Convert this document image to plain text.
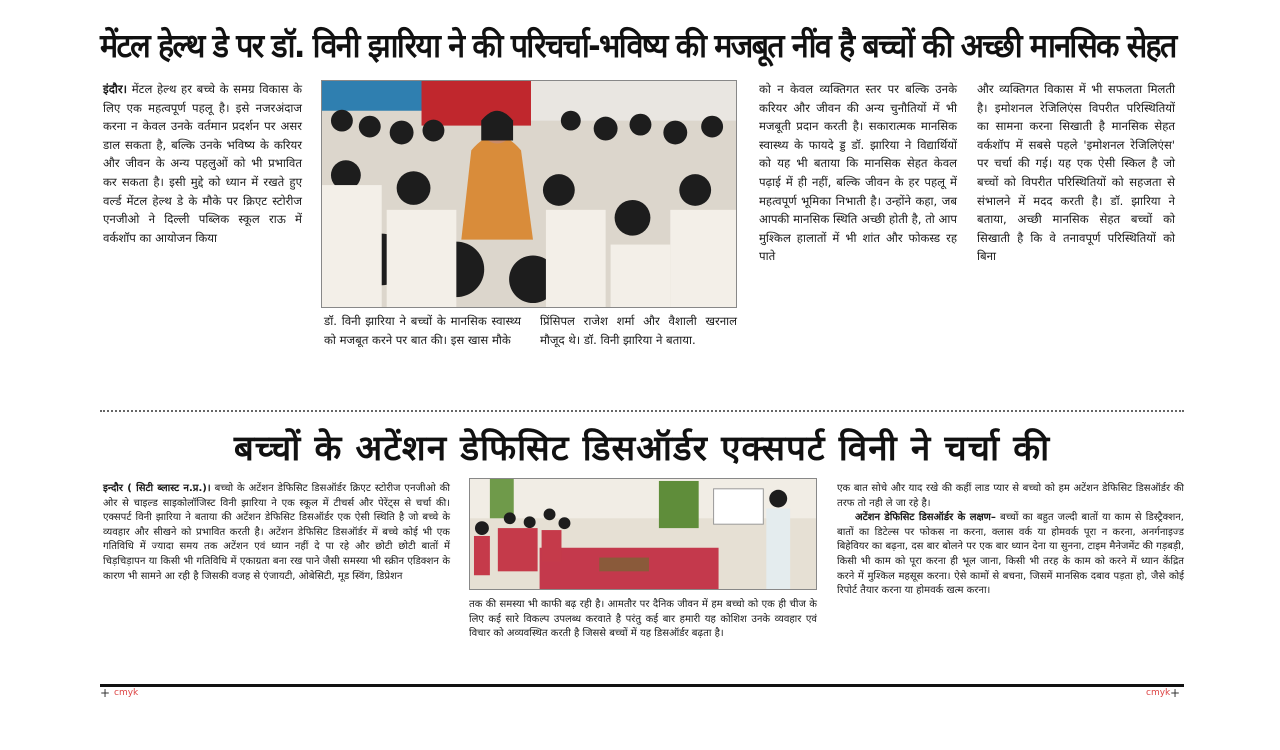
मेंटल हेल्थ डे पर डॉ. विनी झारिया ने की परिचर्चा-भविष्य की मजबूत नींव है बच्चों की अच्छी मानसिक सेहत
इंदौर। मेंटल हेल्थ हर बच्चे के समग्र विकास के लिए एक महत्वपूर्ण पहलू है। इसे नजरअंदाज करना न केवल उनके वर्तमान प्रदर्शन पर असर डाल सकता है, बल्कि उनके भविष्य के करियर और जीवन के अन्य पहलुओं को भी प्रभावित कर सकता है। इसी मुद्दे को ध्यान में रखते हुए वर्ल्ड मेंटल हेल्थ डे के मौके पर क्रिएट स्टोरीज एनजीओ ने दिल्ली पब्लिक स्कूल राऊ में वर्कशॉप का आयोजन किया
डॉ. विनी झारिया ने बच्चों के मानसिक स्वास्थ्य को मजबूत करने पर बात की। इस खास मौके
प्रिंसिपल राजेश शर्मा और वैशाली खरनाल मौजूद थे। डॉ. विनी झारिया ने बताया.
को न केवल व्यक्तिगत स्तर पर बल्कि उनके करियर और जीवन की अन्य चुनौतियों में भी मजबूती प्रदान करती है। सकारात्मक मानसिक स्वास्थ्य के फायदे ड्ड डॉ. झारिया ने विद्यार्थियों को यह भी बताया कि मानसिक सेहत केवल पढ़ाई में ही नहीं, बल्कि जीवन के हर पहलू में महत्वपूर्ण भूमिका निभाती है। उन्होंने कहा, जब आपकी मानसिक स्थिति अच्छी होती है, तो आप मुश्किल हालातों में भी शांत और फोकस्ड रह पाते
और व्यक्तिगत विकास में भी सफलता मिलती है। इमोशनल रेजिलिएंस विपरीत परिस्थितियों का सामना करना सिखाती है मानसिक सेहत वर्कशॉप में सबसे पहले 'इमोशनल रेजिलिएंस' पर चर्चा की गई। यह एक ऐसी स्किल है जो बच्चों को विपरीत परिस्थितियों को सहजता से संभालने में मदद करती है। डॉ. झारिया ने बताया, अच्छी मानसिक सेहत बच्चों को सिखाती है कि वे तनावपूर्ण परिस्थितियों को बिना
बच्चों के अटेंशन डेफिसिट डिसऑर्डर एक्सपर्ट विनी ने चर्चा की
इन्दौर ( सिटी ब्लास्ट न.प्र.)। बच्चो के अटेंशन डेफिसिट डिसऑर्डर क्रिएट स्टोरीज एनजीओ की ओर से चाइल्ड साइकोलॉजिस्ट विनी झारिया ने एक स्कूल में टीचर्स और पेरेंट्स से चर्चा की। एक्सपर्ट विनी झारिया ने बताया की अटेंशन डेफिसिट डिसऑर्डर एक ऐसी स्थिति है जो बच्चे के व्यवहार और सीखने को प्रभावित करती है। अटेंशन डेफिसिट डिसऑर्डर में बच्चे कोई भी एक गतिविधि में ज्यादा समय तक अटेंशन एवं ध्यान नहीं दे पा रहे और छोटी छोटी बातों में चिड़चिड़ापन या किसी भी गतिविधि में एकाग्रता बना रख पाने जैसी समस्या भी स्क्रीन एडिक्शन के कारण भी सामने आ रही है जिसकी वजह से एंजायटी, ओबेसिटी, मूड स्विंग, डिप्रेशन
तक की समस्या भी काफी बढ़ रही है। आमतौर पर दैनिक जीवन में हम बच्चो को एक ही चीज के लिए कई सारे विकल्प उपलब्ध करवाते है परंतु कई बार हमारी यह कोशिश उनके व्यवहार एवं विचार को अव्यवस्थित करती है जिससे बच्चों में यह डिसऑर्डर बढ़ता है।
एक बात सोचे और याद रखे की कहीं लाड प्यार से बच्चो को हम अटेंशन डेफिसिट डिसऑर्डर की तरफ तो नही ले जा रहे है।
अटेंशन डेफिसिट डिसऑर्डर के लक्षण– बच्चों का बहुत जल्दी बातों या काम से डिस्ट्रैक्शन, बातों का डिटेल्स पर फोकस ना करना, क्लास वर्क या होमवर्क पूरा न करना, अनर्गनाइज्ड बिहेवियर का बढ़ना, दस बार बोलने पर एक बार ध्यान देना या सुनना, टाइम मैनेजमेंट की गड़बड़ी, किसी भी काम को पूरा करना ही भूल जाना, किसी भी तरह के काम को करने में ध्यान केंद्रित करने में मुश्किल महसूस करना। ऐसे कामों से बचना, जिसमें मानसिक दबाव पड़ता हो, जैसे कोई रिपोर्ट तैयार करना या होमवर्क खत्म करना।
+ cmyk	cmyk +
